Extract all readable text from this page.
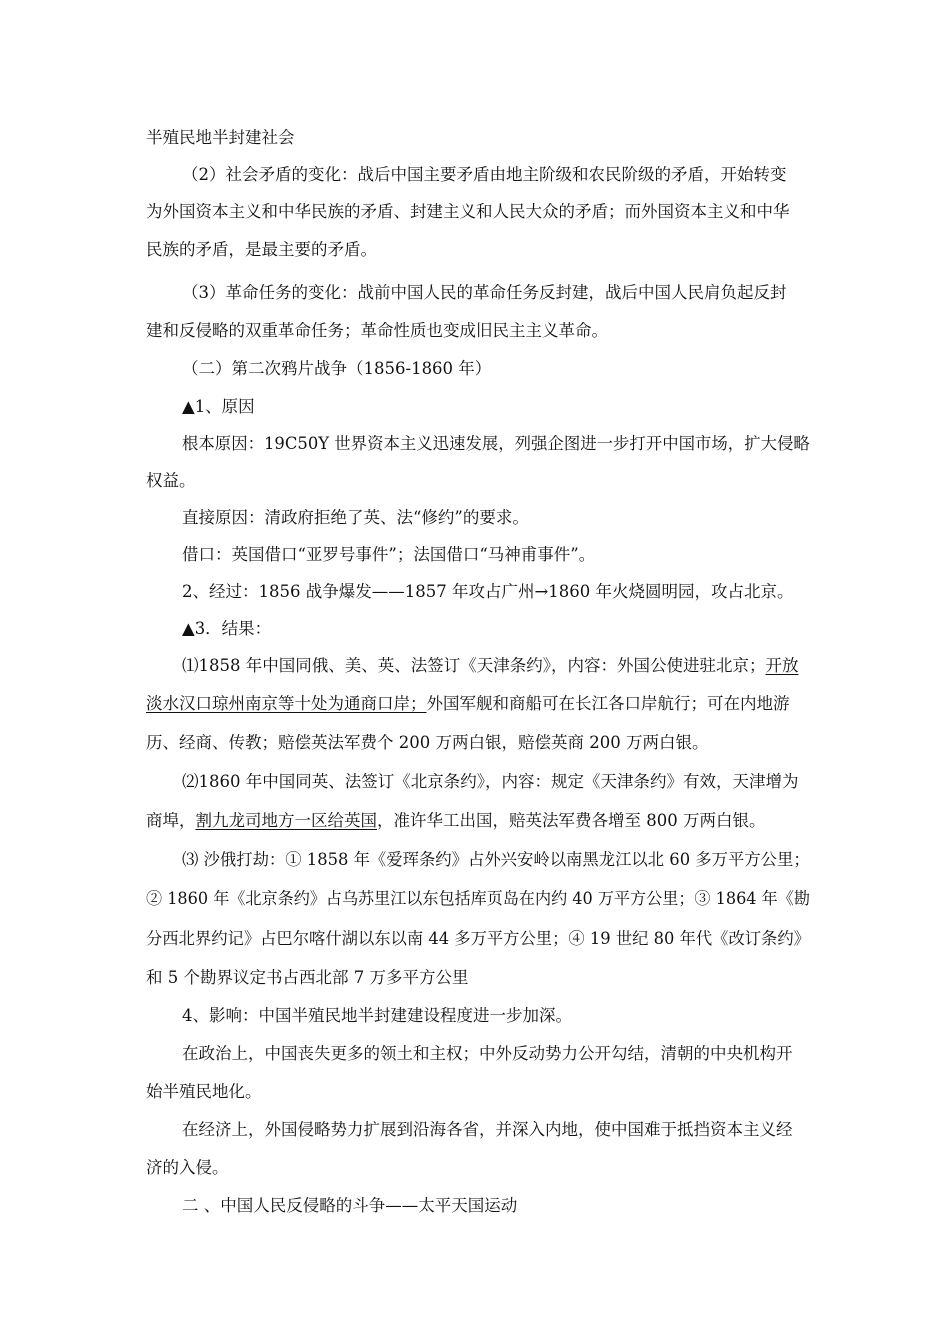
半殖民地半封建社会
（2）社会矛盾的变化：战后中国主要矛盾由地主阶级和农民阶级的矛盾，开始转变
为外国资本主义和中华民族的矛盾、封建主义和人民大众的矛盾；而外国资本主义和中华
民族的矛盾，是最主要的矛盾。
（3）革命任务的变化：战前中国人民的革命任务反封建，战后中国人民肩负起反封
建和反侵略的双重革命任务；革命性质也变成旧民主主义革命。
（二）第二次鸦片战争（1856-1860 年）
▲1、原因
根本原因：19C50Y 世界资本主义迅速发展，列强企图进一步打开中国市场，扩大侵略
权益。
直接原因：清政府拒绝了英、法“修约”的要求。
借口：英国借口“亚罗号事件”；法国借口“马神甫事件”。
2、经过：1856 战争爆发——1857 年攻占广州→1860 年火烧圆明园，攻占北京。
▲3．结果：
⑴1858 年中国同俄、美、英、法签订《天津条约》，内容：外国公使进驻北京；开放
淡水汉口琼州南京等十处为通商口岸；外国军舰和商船可在长江各口岸航行；可在内地游
历、经商、传教；赔偿英法军费个 200 万两白银，赔偿英商 200 万两白银。
⑵1860 年中国同英、法签订《北京条约》，内容：规定《天津条约》有效，天津增为
商埠，割九龙司地方一区给英国，准许华工出国，赔英法军费各增至 800 万两白银。
⑶ 沙俄打劫：① 1858 年《爱珲条约》占外兴安岭以南黑龙江以北 60 多万平方公里；
② 1860 年《北京条约》占乌苏里江以东包括库页岛在内约 40 万平方公里；③ 1864 年《勘
分西北界约记》占巴尔喀什湖以东以南 44 多万平方公里；④ 19 世纪 80 年代《改订条约》
和 5 个勘界议定书占西北部 7 万多平方公里
4、影响：中国半殖民地半封建建设程度进一步加深。
在政治上，中国丧失更多的领土和主权；中外反动势力公开勾结，清朝的中央机构开
始半殖民地化。
在经济上，外国侵略势力扩展到沿海各省，并深入内地，使中国难于抵挡资本主义经
济的入侵。
二 、中国人民反侵略的斗争——太平天国运动
